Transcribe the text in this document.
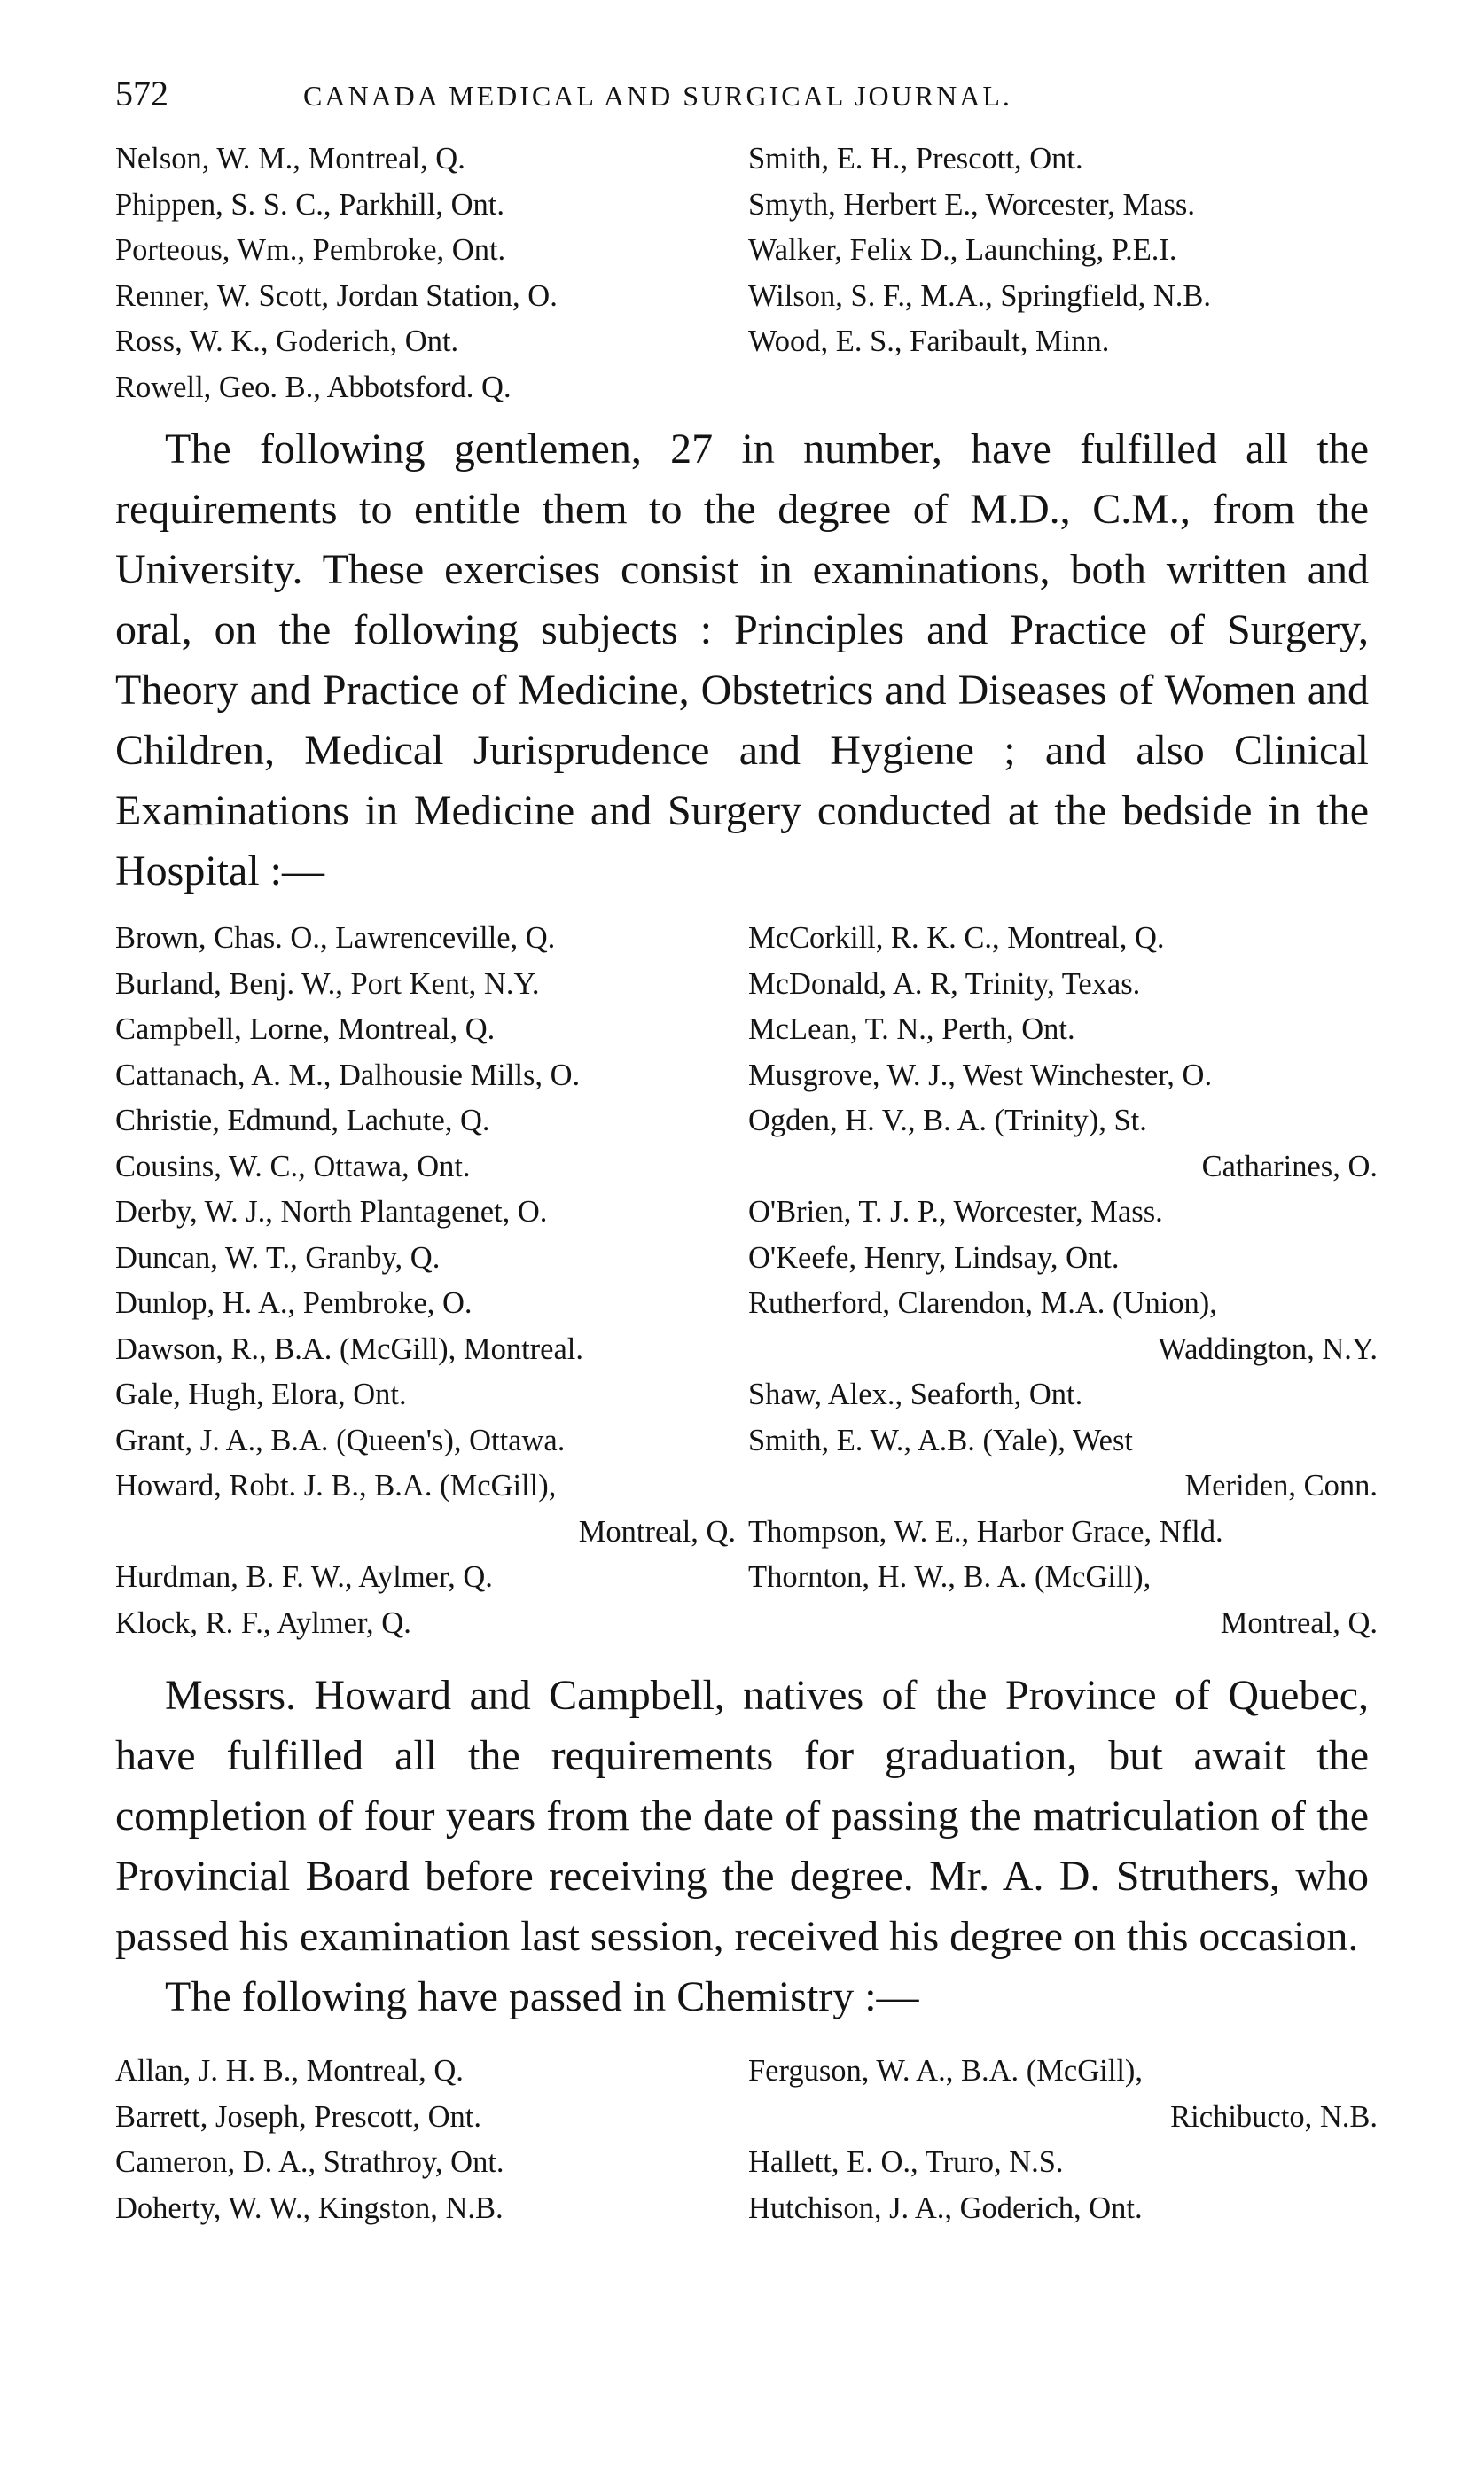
572	CANADA MEDICAL AND SURGICAL JOURNAL.
Nelson, W. M., Montreal, Q.
Phippen, S. S. C., Parkhill, Ont.
Porteous, Wm., Pembroke, Ont.
Renner, W. Scott, Jordan Station, O.
Ross, W. K., Goderich, Ont.
Rowell, Geo. B., Abbotsford. Q.
Smith, E. H., Prescott, Ont.
Smyth, Herbert E., Worcester, Mass.
Walker, Felix D., Launching, P.E.I.
Wilson, S. F., M.A., Springfield, N.B.
Wood, E. S., Faribault, Minn.

The following gentlemen, 27 in number, have fulfilled all the requirements to entitle them to the degree of M.D., C.M., from the University. These exercises consist in examinations, both written and oral, on the following subjects : Principles and Practice of Surgery, Theory and Practice of Medicine, Obstetrics and Diseases of Women and Children, Medical Jurisprudence and Hygiene ; and also Clinical Examinations in Medicine and Surgery conducted at the bedside in the Hospital :—

Brown, Chas. O., Lawrenceville, Q.
Burland, Benj. W., Port Kent, N.Y.
Campbell, Lorne, Montreal, Q.
Cattanach, A. M., Dalhousie Mills, O.
Christie, Edmund, Lachute, Q.
Cousins, W. C., Ottawa, Ont.
Derby, W. J., North Plantagenet, O.
Duncan, W. T., Granby, Q.
Dunlop, H. A., Pembroke, O.
Dawson, R., B.A. (McGill), Montreal.
Gale, Hugh, Elora, Ont.
Grant, J. A., B.A. (Queen's), Ottawa.
Howard, Robt. J. B., B.A. (McGill),
Montreal, Q.
Hurdman, B. F. W., Aylmer, Q.
Klock, R. F., Aylmer, Q.
McCorkill, R. K. C., Montreal, Q.
McDonald, A. R, Trinity, Texas.
McLean, T. N., Perth, Ont.
Musgrove, W. J., West Winchester, O.
Ogden, H. V., B. A. (Trinity), St.
Catharines, O.
O'Brien, T. J. P., Worcester, Mass.
O'Keefe, Henry, Lindsay, Ont.
Rutherford, Clarendon, M.A. (Union),
Waddington, N.Y.
Shaw, Alex., Seaforth, Ont.
Smith, E. W., A.B. (Yale), West
Meriden, Conn.
Thompson, W. E., Harbor Grace, Nfld.
Thornton, H. W., B. A. (McGill),
Montreal, Q.

Messrs. Howard and Campbell, natives of the Province of Quebec, have fulfilled all the requirements for graduation, but await the completion of four years from the date of passing the matriculation of the Provincial Board before receiving the degree. Mr. A. D. Struthers, who passed his examination last session, received his degree on this occasion.

The following have passed in Chemistry :—

Allan, J. H. B., Montreal, Q.
Barrett, Joseph, Prescott, Ont.
Cameron, D. A., Strathroy, Ont.
Doherty, W. W., Kingston, N.B.
Ferguson, W. A., B.A. (McGill),
Richibucto, N.B.
Hallett, E. O., Truro, N.S.
Hutchison, J. A., Goderich, Ont.
